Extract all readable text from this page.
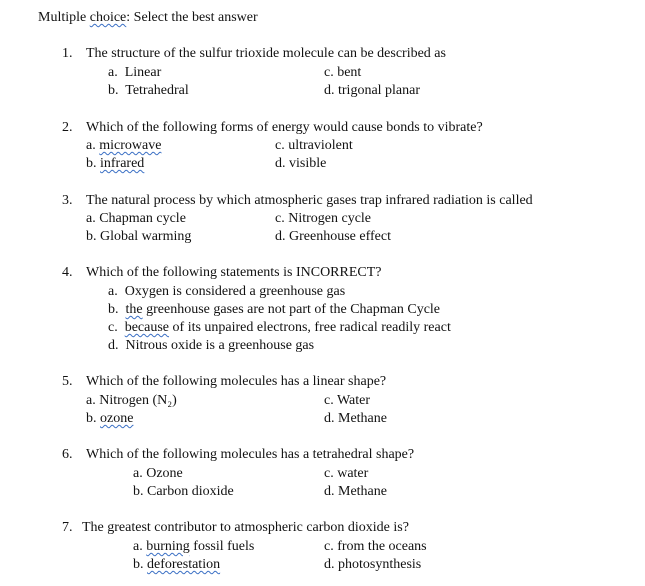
Multiple choice: Select the best answer
1. The structure of the sulfur trioxide molecule can be described as
a. Linear
b. Tetrahedral
c. bent
d. trigonal planar
2. Which of the following forms of energy would cause bonds to vibrate?
a. microwave
b. infrared
c. ultraviolent
d. visible
3. The natural process by which atmospheric gases trap infrared radiation is called
a. Chapman cycle
b. Global warming
c. Nitrogen cycle
d. Greenhouse effect
4. Which of the following statements is INCORRECT?
a. Oxygen is considered a greenhouse gas
b. the greenhouse gases are not part of the Chapman Cycle
c. because of its unpaired electrons, free radical readily react
d. Nitrous oxide is a greenhouse gas
5. Which of the following molecules has a linear shape?
a. Nitrogen (N₂)
b. ozone
c. Water
d. Methane
6. Which of the following molecules has a tetrahedral shape?
a. Ozone
b. Carbon dioxide
c. water
d. Methane
7. The greatest contributor to atmospheric carbon dioxide is?
a. burning fossil fuels
b. deforestation
c. from the oceans
d. photosynthesis
